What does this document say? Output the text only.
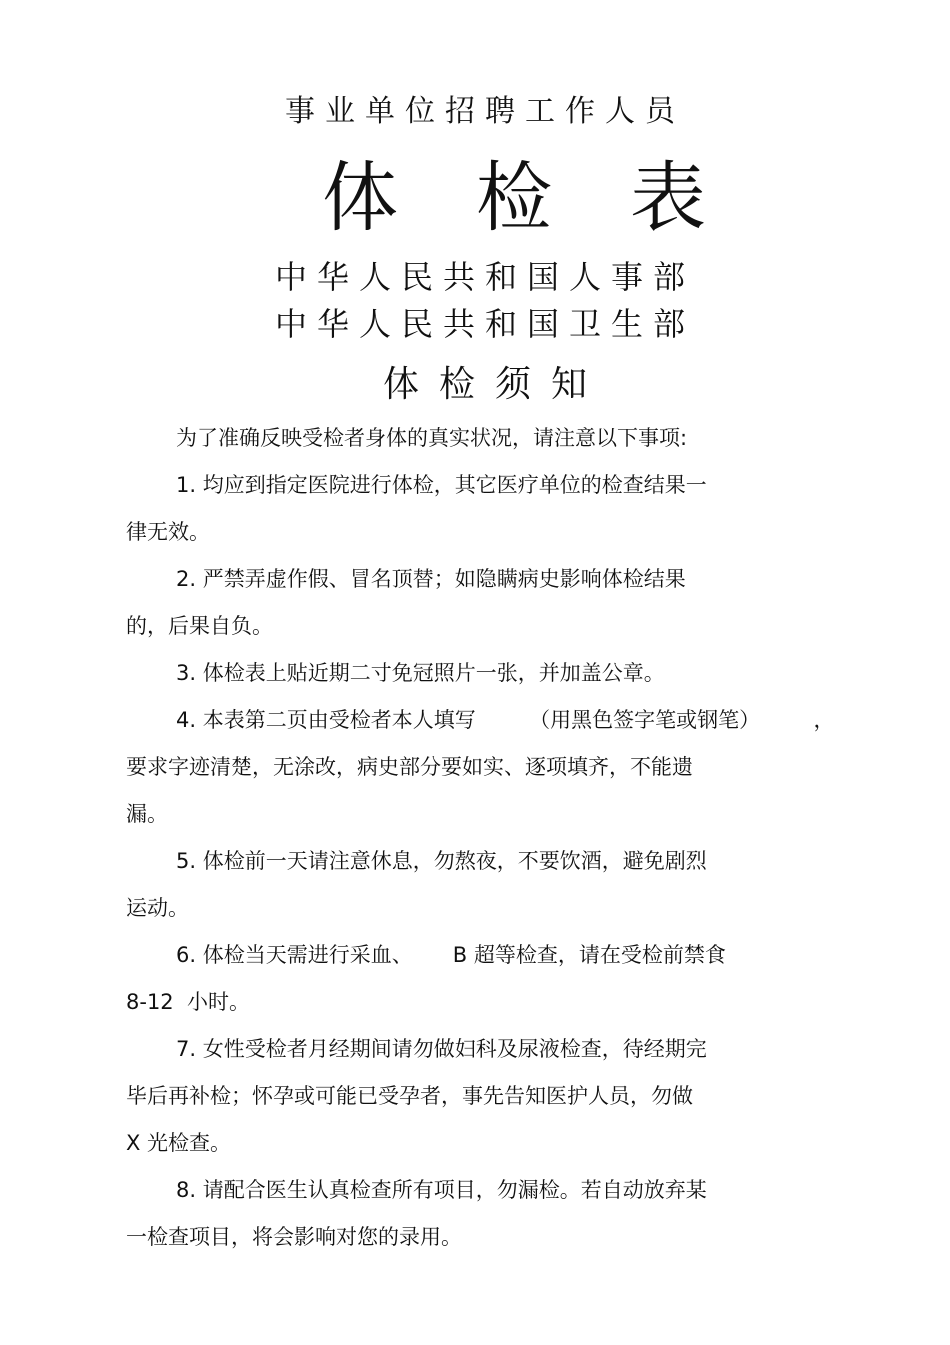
事业单位招聘工作人员
体检表
中华人民共和国人事部
中华人民共和国卫生部
体检须知
为了准确反映受检者身体的真实状况，请注意以下事项:
1. 均应到指定医院进行体检，其它医疗单位的检查结果一
律无效。
2. 严禁弄虚作假、冒名顶替；如隐瞒病史影响体检结果
的，后果自负。
3. 体检表上贴近期二寸免冠照片一张，并加盖公章。
4. 本表第二页由受检者本人填写        （用黑色签字笔或钢笔）        ，
要求字迹清楚，无涂改，病史部分要如实、逐项填齐，不能遗
漏。
5. 体检前一天请注意休息，勿熬夜，不要饮酒，避免剧烈
运动。
6. 体检当天需进行采血、      B 超等检查，请在受检前禁食
8-12  小时。
7. 女性受检者月经期间请勿做妇科及尿液检查，待经期完
毕后再补检；怀孕或可能已受孕者，事先告知医护人员，勿做
X 光检查。
8. 请配合医生认真检查所有项目，勿漏检。若自动放弃某
一检查项目，将会影响对您的录用。
